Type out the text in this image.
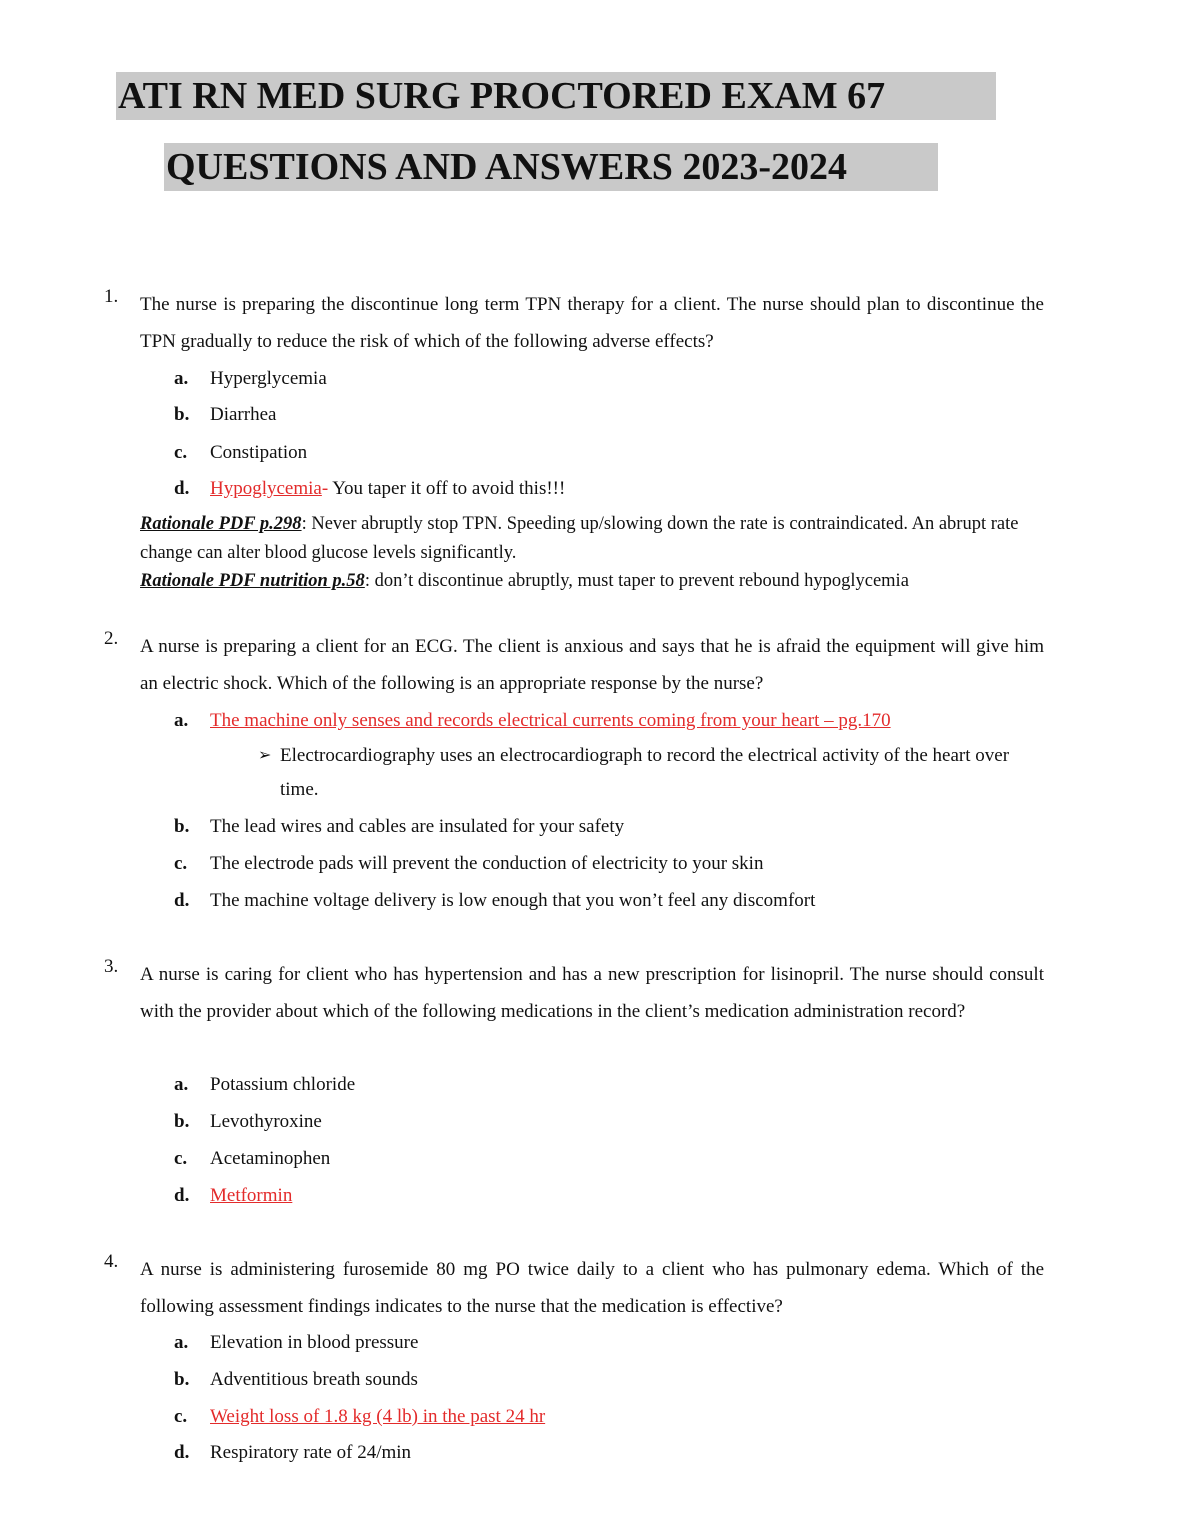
ATI RN MED SURG PROCTORED EXAM 67
QUESTIONS AND ANSWERS 2023-2024
1. The nurse is preparing the discontinue long term TPN therapy for a client. The nurse should plan to discontinue the TPN gradually to reduce the risk of which of the following adverse effects?
a. Hyperglycemia
b. Diarrhea
c. Constipation
d. Hypoglycemia- You taper it off to avoid this!!!
Rationale PDF p.298: Never abruptly stop TPN. Speeding up/slowing down the rate is contraindicated. An abrupt rate change can alter blood glucose levels significantly.
Rationale PDF nutrition p.58: don’t discontinue abruptly, must taper to prevent rebound hypoglycemia
2. A nurse is preparing a client for an ECG. The client is anxious and says that he is afraid the equipment will give him an electric shock. Which of the following is an appropriate response by the nurse?
a. The machine only senses and records electrical currents coming from your heart – pg.170
➢ Electrocardiography uses an electrocardiograph to record the electrical activity of the heart over time.
b. The lead wires and cables are insulated for your safety
c. The electrode pads will prevent the conduction of electricity to your skin
d. The machine voltage delivery is low enough that you won’t feel any discomfort
3. A nurse is caring for client who has hypertension and has a new prescription for lisinopril. The nurse should consult with the provider about which of the following medications in the client’s medication administration record?
a. Potassium chloride
b. Levothyroxine
c. Acetaminophen
d. Metformin
4. A nurse is administering furosemide 80 mg PO twice daily to a client who has pulmonary edema. Which of the following assessment findings indicates to the nurse that the medication is effective?
a. Elevation in blood pressure
b. Adventitious breath sounds
c. Weight loss of 1.8 kg (4 lb) in the past 24 hr
d. Respiratory rate of 24/min
